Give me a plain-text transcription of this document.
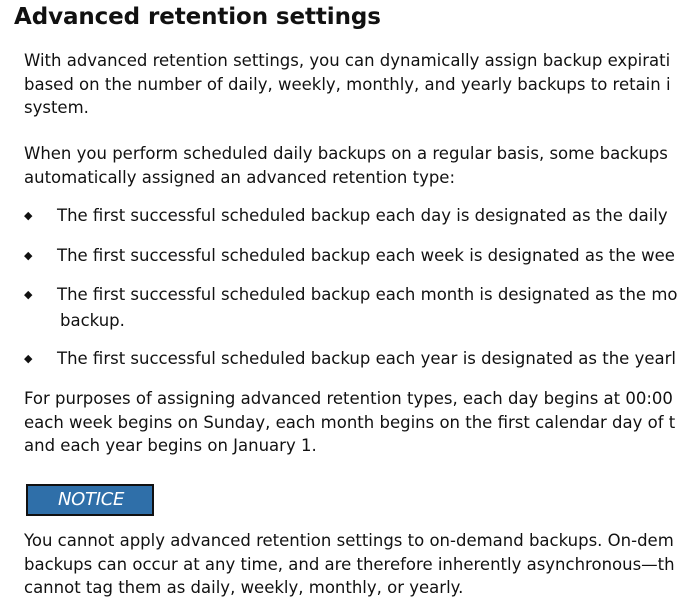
Advanced retention settings

With advanced retention settings, you can dynamically assign backup expirati
based on the number of daily, weekly, monthly, and yearly backups to retain i
system.

When you perform scheduled daily backups on a regular basis, some backups
automatically assigned an advanced retention type:

◆	The first successful scheduled backup each day is designated as the daily
◆	The first successful scheduled backup each week is designated as the wee
◆	The first successful scheduled backup each month is designated as the mo
backup.
◆	The first successful scheduled backup each year is designated as the yearl

For purposes of assigning advanced retention types, each day begins at 00:00
each week begins on Sunday, each month begins on the first calendar day of t
and each year begins on January 1.

NOTICE

You cannot apply advanced retention settings to on-demand backups. On-dem
backups can occur at any time, and are therefore inherently asynchronous—th
cannot tag them as daily, weekly, monthly, or yearly.
